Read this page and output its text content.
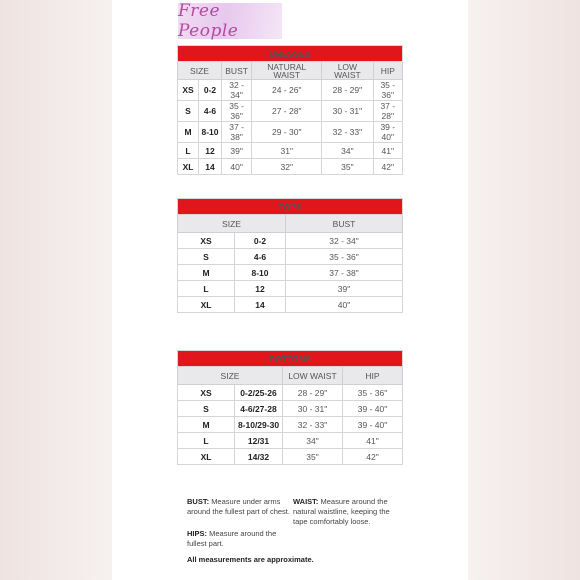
Free People
DRESSES					
SIZE		BUST	NATURAL WAIST	LOW WAIST	HIP
XS	0-2	32 - 34"	24 - 26"	28 - 29"	35 - 36"
S	4-6	35 - 36"	27 - 28"	30 - 31"	37 - 28"
M	8-10	37 - 38"	29 - 30"	32 - 33"	39 - 40"
L	12	39"	31"	34"	41"
XL	14	40"	32"	35"	42"
TOPS		
SIZE		BUST
XS	0-2	32 - 34"
S	4-6	35 - 36"
M	8-10	37 - 38"
L	12	39"
XL	14	40"
BOTTOMS			
SIZE		LOW WAIST	HIP
XS	0-2/25-26	28 - 29"	35 - 36"
S	4-6/27-28	30 - 31"	39 - 40"
M	8-10/29-30	32 - 33"	39 - 40"
L	12/31	34"	41"
XL	14/32	35"	42"
BUST: Measure under arms around the fullest part of chest.
WAIST: Measure around the natural waistline, keeping the tape comfortably loose.
HIPS: Measure around the fullest part.
All measurements are approximate.
